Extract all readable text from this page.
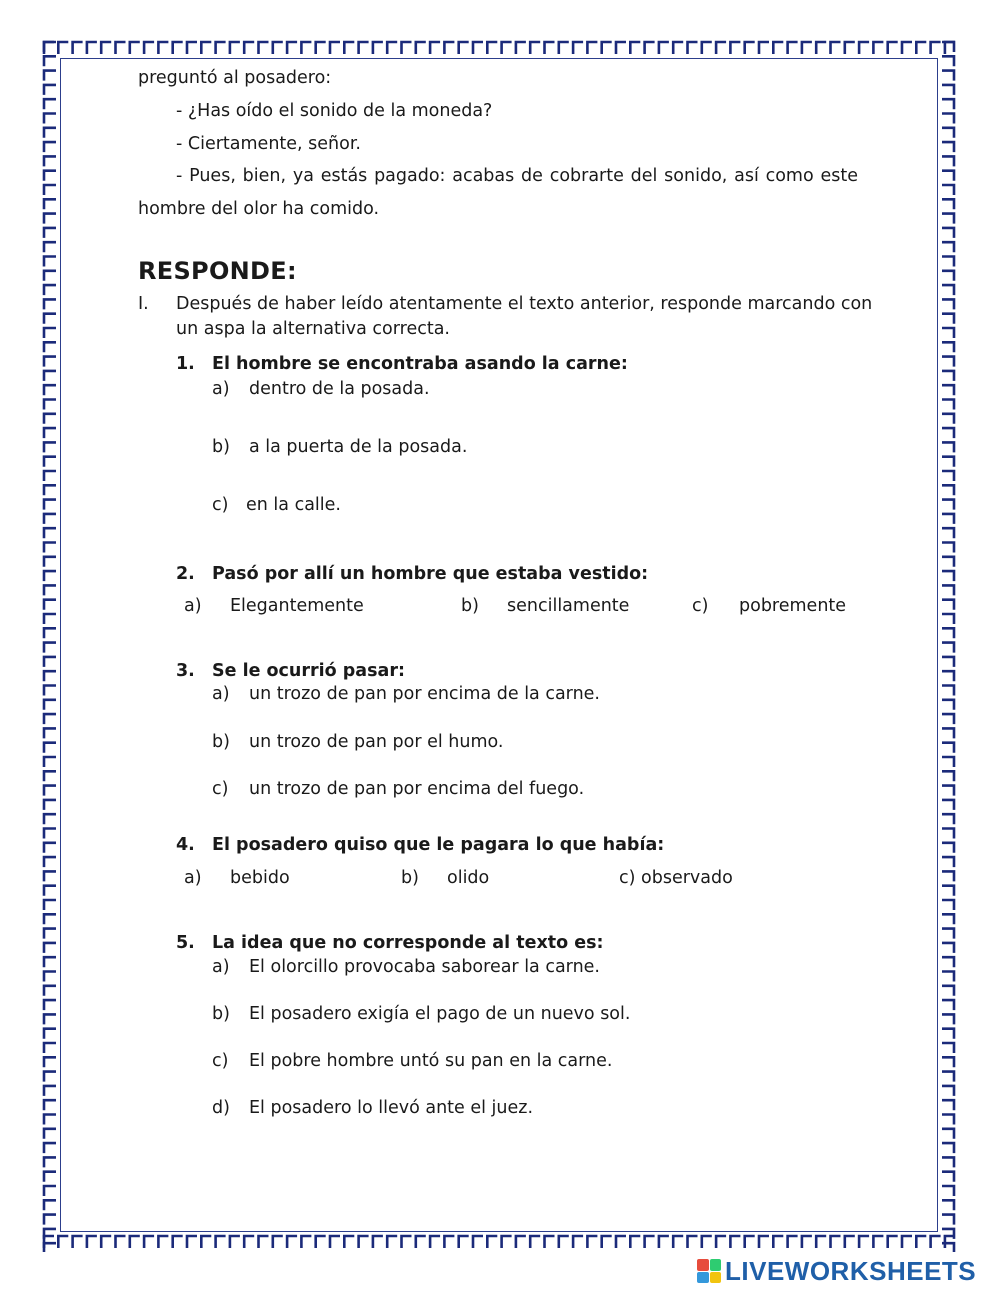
preguntó al posadero:
- ¿Has oído el sonido de la moneda?
- Ciertamente, señor.
- Pues, bien, ya estás pagado: acabas de cobrarte del sonido, así como este
hombre del olor ha comido.
RESPONDE:
I. Después de haber leído atentamente el texto anterior, responde marcando con
un aspa la alternativa correcta.
1. El hombre se encontraba asando la carne:
a) dentro de la posada.
b) a la puerta de la posada.
c) en la calle.
2. Pasó por allí un hombre que estaba vestido:
a) Elegantemente	b) sencillamente	c) pobremente
3. Se le ocurrió pasar:
a) un trozo de pan por encima de la carne.
b) un trozo de pan por el humo.
c) un trozo de pan por encima del fuego.
4. El posadero quiso que le pagara lo que había:
a) bebido	b) olido	c) observado
5. La idea que no corresponde al texto es:
a) El olorcillo provocaba saborear la carne.
b) El posadero exigía el pago de un nuevo sol.
c) El pobre hombre untó su pan en la carne.
d) El posadero lo llevó ante el juez.
LIVEWORKSHEETS
